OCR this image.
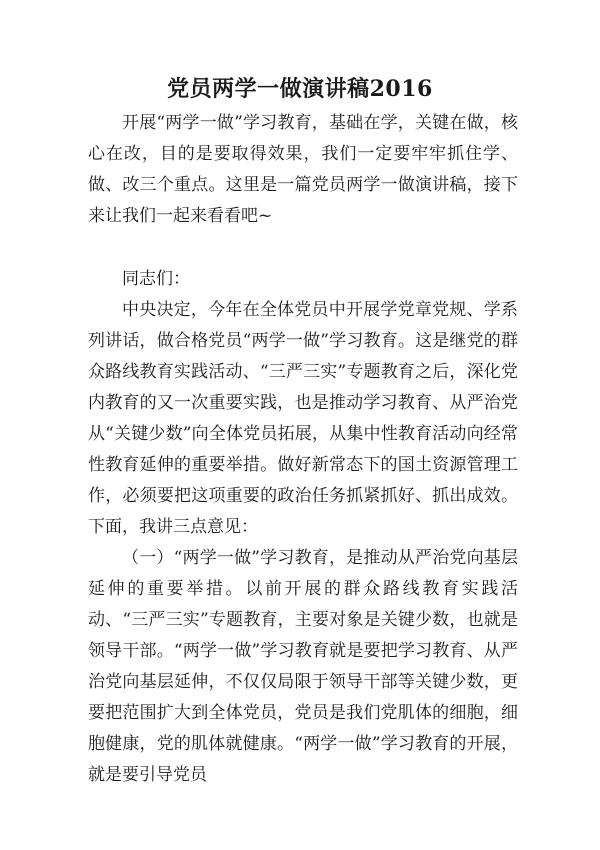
党员两学一做演讲稿2016
开展“两学一做”学习教育，基础在学，关键在做，核心在改，目的是要取得效果，我们一定要牢牢抓住学、做、改三个重点。这里是一篇党员两学一做演讲稿，接下来让我们一起来看看吧~
同志们：
中央决定，今年在全体党员中开展学党章党规、学系列讲话，做合格党员“两学一做”学习教育。这是继党的群众路线教育实践活动、“三严三实”专题教育之后，深化党内教育的又一次重要实践，也是推动学习教育、从严治党从“关键少数”向全体党员拓展，从集中性教育活动向经常性教育延伸的重要举措。做好新常态下的国土资源管理工作，必须要把这项重要的政治任务抓紧抓好、抓出成效。下面，我讲三点意见：
（一）“两学一做”学习教育，是推动从严治党向基层延伸的重要举措。以前开展的群众路线教育实践活动、“三严三实”专题教育，主要对象是关键少数，也就是领导干部。“两学一做”学习教育就是要把学习教育、从严治党向基层延伸，不仅仅局限于领导干部等关键少数，更要把范围扩大到全体党员，党员是我们党肌体的细胞，细胞健康，党的肌体就健康。“两学一做”学习教育的开展，就是要引导党员
